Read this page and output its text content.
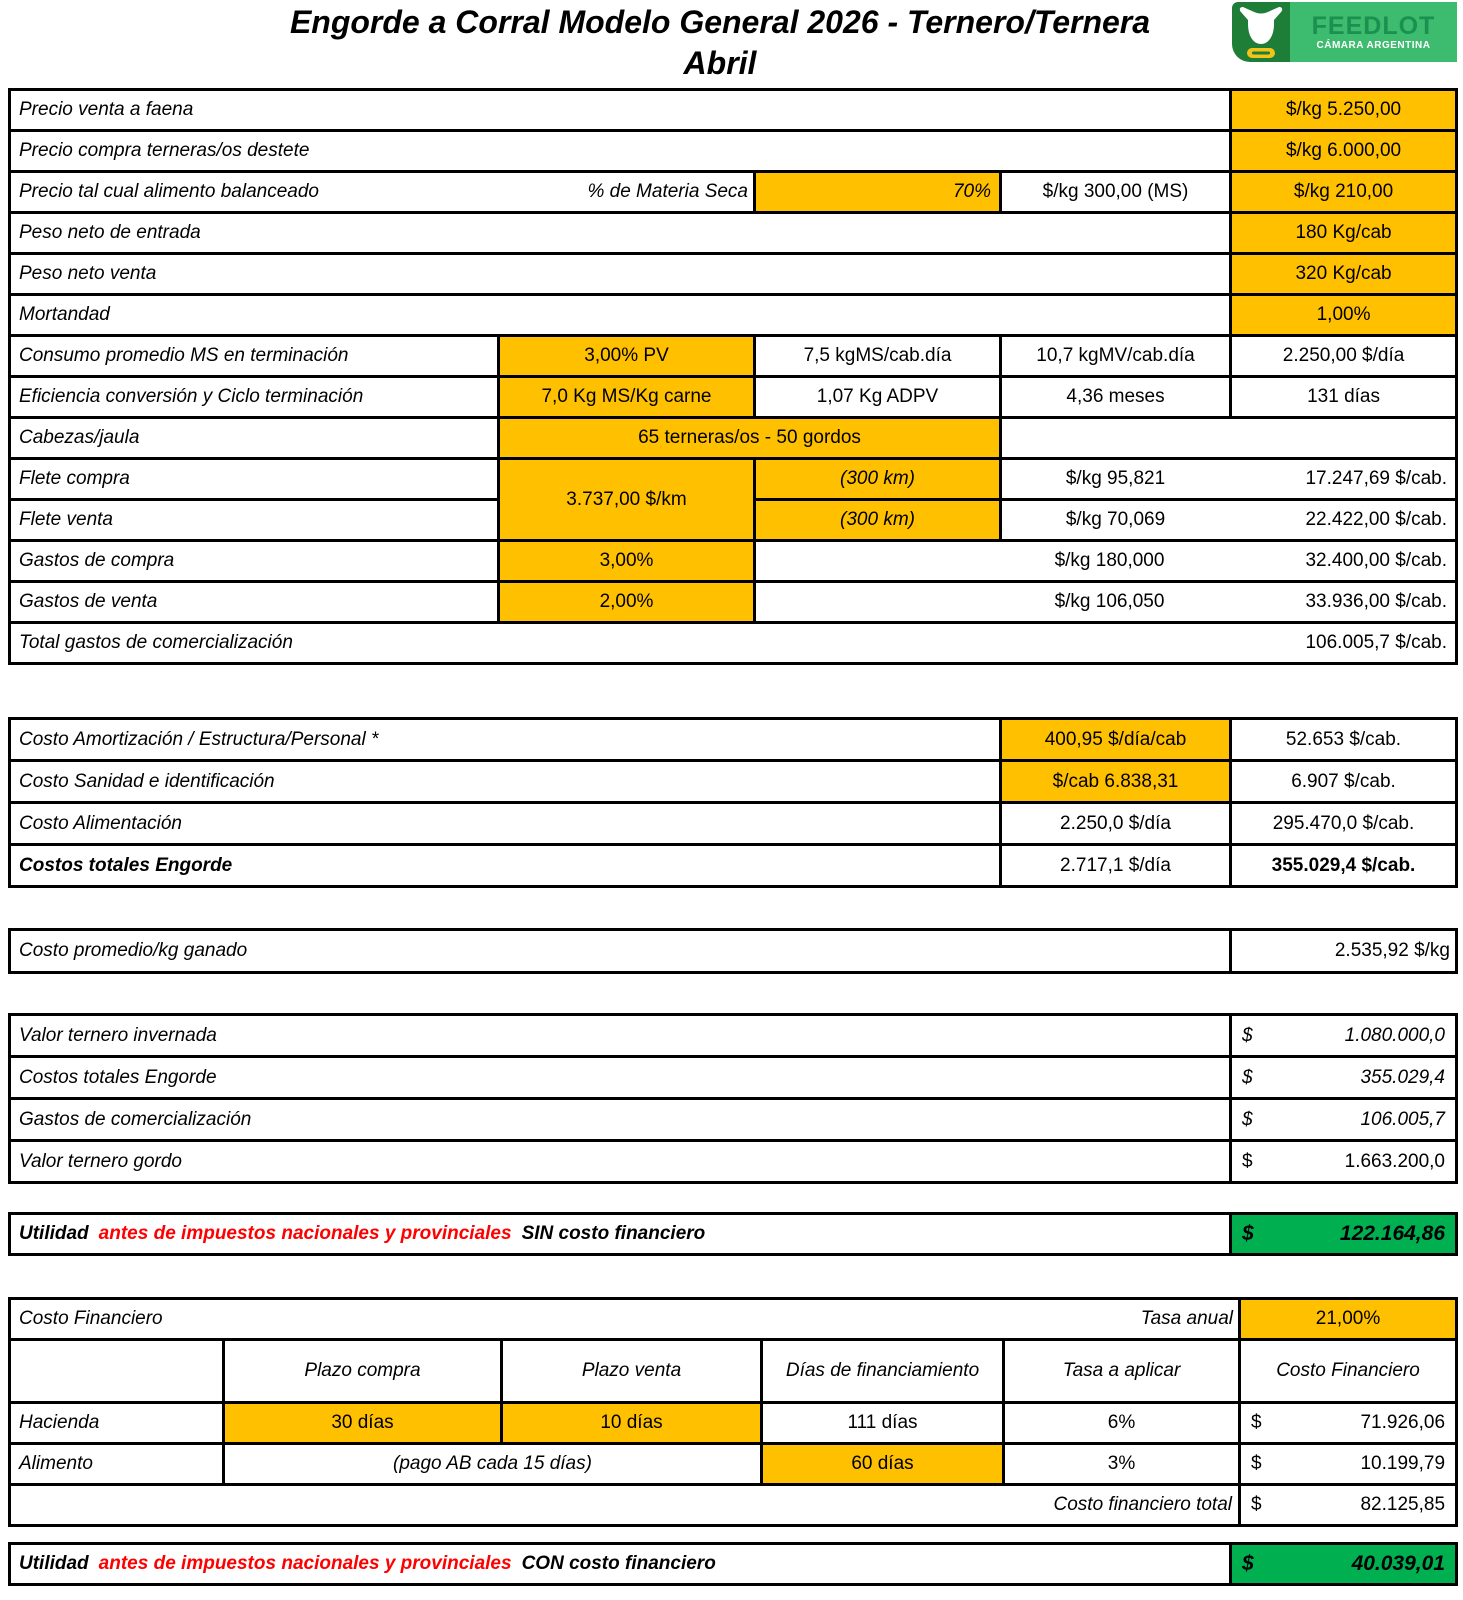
Engorde a Corral Modelo General 2026 - Ternero/Ternera
Abril
FEEDLOT
CÁMARA ARGENTINA
Precio venta a faena				$/kg 5.250,00
Precio compra terneras/os destete				$/kg 6.000,00

Precio tal cual alimento balanceado % de Materia Seca		70%	$/kg 300,00 (MS)	$/kg 210,00
Peso neto de entrada				180 Kg/cab
Peso neto venta				320 Kg/cab
Mortandad				1,00%
Consumo promedio MS en terminación	3,00% PV	7,5 kgMS/cab.día	10,7 kgMV/cab.día	2.250,00 $/día
Eficiencia conversión y Ciclo terminación	7,0 Kg MS/Kg carne	1,07 Kg ADPV	4,36 meses	131 días
Cabezas/jaula	65 terneras/os - 50 gordos			
Flete compra	3.737,00 $/km	(300 km)	$/kg 95,821 17.247,69 $/cab.	

Flete venta		(300 km)	$/kg 70,069 22.422,00 $/cab.	

Gastos de compra	3,00%	$/kg 180,000 32.400,00 $/cab.		

Gastos de venta	2,00%	$/kg 106,050 33.936,00 $/cab.		

Total gastos de comercialización 106.005,7 $/cab.				
Costo Amortización / Estructura/Personal *	400,95 $/día/cab	52.653 $/cab.
Costo Sanidad e identificación	$/cab 6.838,31	6.907 $/cab.
Costo Alimentación	2.250,0 $/día	295.470,0 $/cab.
Costos totales Engorde	2.717,1 $/día	355.029,4 $/cab.
Costo promedio/kg ganado	2.535,92 $/kg
Valor ternero invernada	$ 1.080.000,0

Costos totales Engorde	$ 355.029,4

Gastos de comercialización	$ 106.005,7

Valor ternero gordo	$ 1.663.200,0
Utilidad antes de impuestos nacionales y provinciales SIN costo financiero	$	122.164,86
Costo Financiero Tasa anual					21,00%
	Plazo compra	Plazo venta	Días de financiamiento	Tasa a aplicar	Costo Financiero
Hacienda	30 días	10 días	111 días	6%	$ 71.926,06

Alimento	(pago AB cada 15 días)		60 días	3%	$ 10.199,79

Costo financiero total					$ 82.125,85
Utilidad antes de impuestos nacionales y provinciales CON costo financiero	$	40.039,01
